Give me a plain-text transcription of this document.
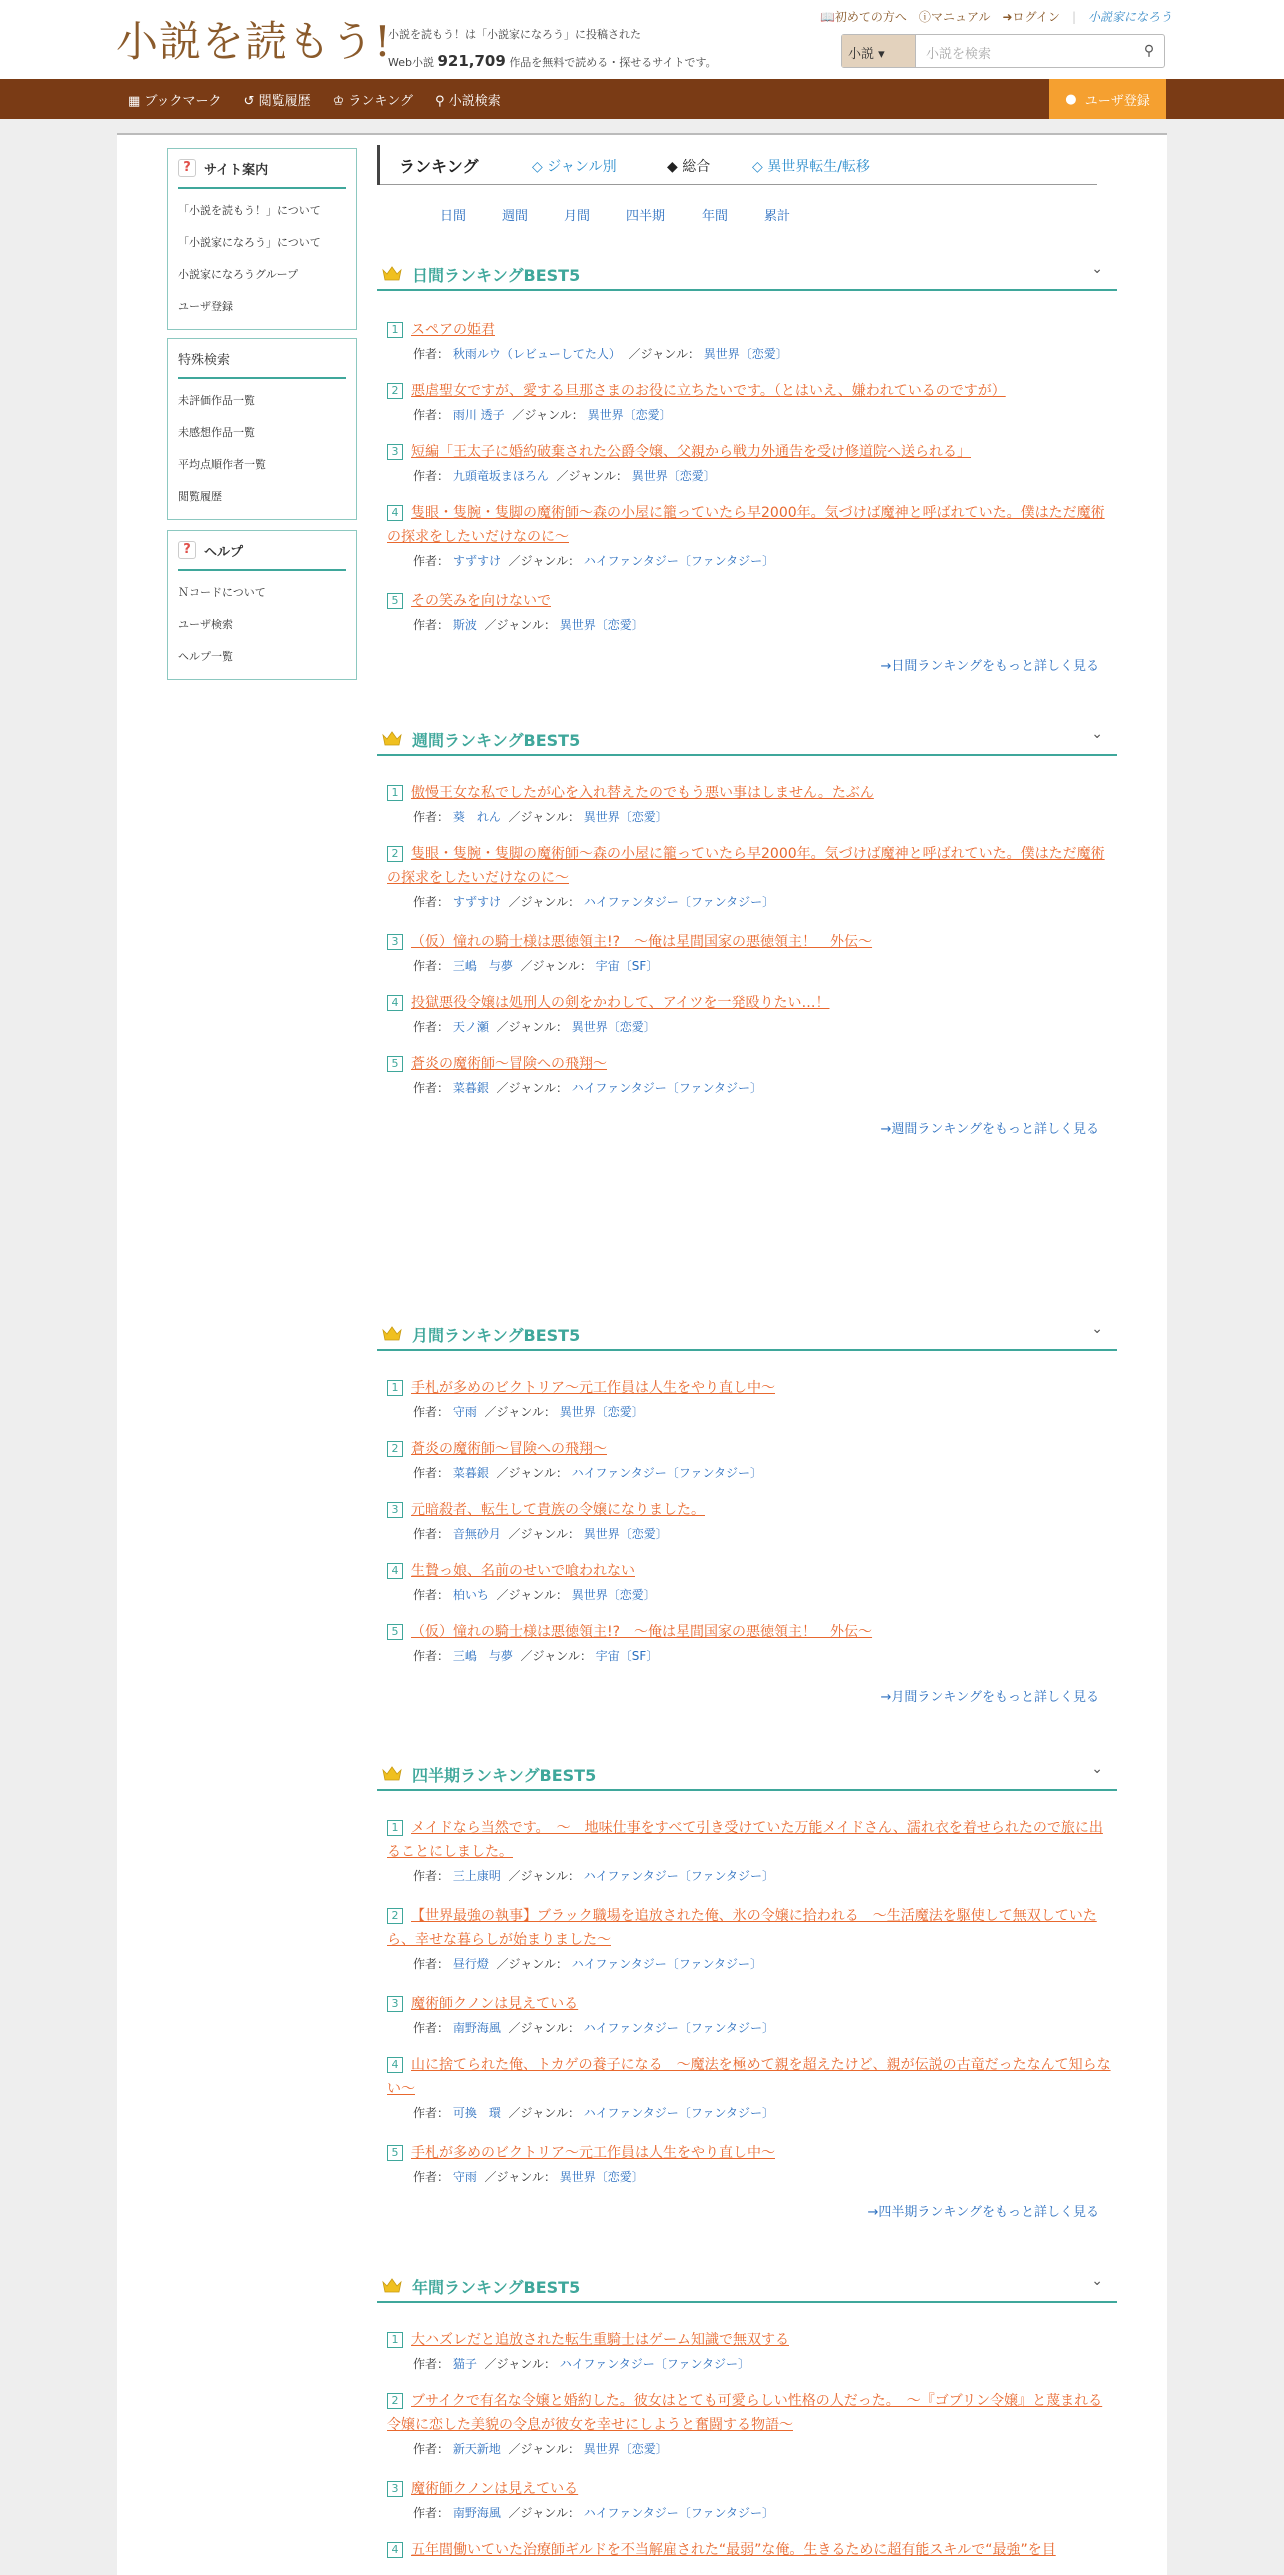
小説を読もう!
小説を読もう！は「小説家になろう」に投稿された
Web小説 921,709 作品を無料で読める・探せるサイトです。
📖初めての方へ ⓘマニュアル ➜ログイン | 小説家になろう
小説 ▾	小説を検索	⚲
▦ ブックマーク ↺ 閲覧履歴 ♔ ランキング ⚲ 小説検索	●
ユーザ登録
?	サイト案内
「小説を読もう！」について
「小説家になろう」について
小説家になろうグループ
ユーザ登録
特殊検索
未評価作品一覧
未感想作品一覧
平均点順作者一覧
閲覧履歴
?	ヘルプ
Ｎコードについて
ユーザ検索
ヘルプ一覧
ランキング	◇ ジャンル別	◆ 総合	◇ 異世界転生/転移
日間	週間	月間	四半期	年間	累計
日間ランキングBEST5	⌄
1 スペアの姫君
作者： 秋雨ルウ（レビューしてた人）  ／ジャンル： 異世界〔恋愛〕
2 悪虐聖女ですが、愛する旦那さまのお役に立ちたいです。（とはいえ、嫌われているのですが）
作者： 雨川 透子  ／ジャンル： 異世界〔恋愛〕
3 短編「王太子に婚約破棄された公爵令嬢、父親から戦力外通告を受け修道院へ送られる」
作者： 九頭竜坂まほろん  ／ジャンル： 異世界〔恋愛〕
4 隻眼・隻腕・隻脚の魔術師～森の小屋に籠っていたら早2000年。気づけば魔神と呼ばれていた。僕はただ魔術の探求をしたいだけなのに～
作者： すずすけ  ／ジャンル： ハイファンタジー〔ファンタジー〕
5 その笑みを向けないで
作者： 斯波  ／ジャンル： 異世界〔恋愛〕
→日間ランキングをもっと詳しく見る
週間ランキングBEST5	⌄
1 傲慢王女な私でしたが心を入れ替えたのでもう悪い事はしません。たぶん
作者： 葵　れん  ／ジャンル： 異世界〔恋愛〕
2 隻眼・隻腕・隻脚の魔術師～森の小屋に籠っていたら早2000年。気づけば魔神と呼ばれていた。僕はただ魔術の探求をしたいだけなのに～
作者： すずすけ  ／ジャンル： ハイファンタジー〔ファンタジー〕
3 （仮）憧れの騎士様は悪徳領主!?　～俺は星間国家の悪徳領主！　外伝～
作者： 三嶋　与夢  ／ジャンル： 宇宙〔SF〕
4 投獄悪役令嬢は処刑人の剣をかわして、アイツを一発殴りたい…！
作者： 天ノ瀬  ／ジャンル： 異世界〔恋愛〕
5 蒼炎の魔術師〜冒険への飛翔〜
作者： 菜暮銀  ／ジャンル： ハイファンタジー〔ファンタジー〕
→週間ランキングをもっと詳しく見る
月間ランキングBEST5	⌄
1 手札が多めのビクトリア〜元工作員は人生をやり直し中〜
作者： 守雨  ／ジャンル： 異世界〔恋愛〕
2 蒼炎の魔術師〜冒険への飛翔〜
作者： 菜暮銀  ／ジャンル： ハイファンタジー〔ファンタジー〕
3 元暗殺者、転生して貴族の令嬢になりました。
作者： 音無砂月  ／ジャンル： 異世界〔恋愛〕
4 生贄っ娘、名前のせいで喰われない
作者： 柏いち  ／ジャンル： 異世界〔恋愛〕
5 （仮）憧れの騎士様は悪徳領主!?　～俺は星間国家の悪徳領主！　外伝～
作者： 三嶋　与夢  ／ジャンル： 宇宙〔SF〕
→月間ランキングをもっと詳しく見る
四半期ランキングBEST5	⌄
1 メイドなら当然です。　～　地味仕事をすべて引き受けていた万能メイドさん、濡れ衣を着せられたので旅に出ることにしました。
作者： 三上康明  ／ジャンル： ハイファンタジー〔ファンタジー〕
2 【世界最強の執事】ブラック職場を追放された俺、氷の令嬢に拾われる　～生活魔法を駆使して無双していたら、幸せな暮らしが始まりました～
作者： 昼行燈  ／ジャンル： ハイファンタジー〔ファンタジー〕
3 魔術師クノンは見えている
作者： 南野海風  ／ジャンル： ハイファンタジー〔ファンタジー〕
4 山に捨てられた俺、トカゲの養子になる　～魔法を極めて親を超えたけど、親が伝説の古竜だったなんて知らない～
作者： 可換　環  ／ジャンル： ハイファンタジー〔ファンタジー〕
5 手札が多めのビクトリア〜元工作員は人生をやり直し中〜
作者： 守雨  ／ジャンル： 異世界〔恋愛〕
→四半期ランキングをもっと詳しく見る
年間ランキングBEST5	⌄
1 大ハズレだと追放された転生重騎士はゲーム知識で無双する
作者： 猫子  ／ジャンル： ハイファンタジー〔ファンタジー〕
2 ブサイクで有名な令嬢と婚約した。彼女はとても可愛らしい性格の人だった。　～『ゴブリン令嬢』と蔑まれる令嬢に恋した美貌の令息が彼女を幸せにしようと奮闘する物語～
作者： 新天新地  ／ジャンル： 異世界〔恋愛〕
3 魔術師クノンは見えている
作者： 南野海風  ／ジャンル： ハイファンタジー〔ファンタジー〕
4 五年間働いていた治療師ギルドを不当解雇された“最弱”な俺。生きるために超有能スキルで“最強”を目
